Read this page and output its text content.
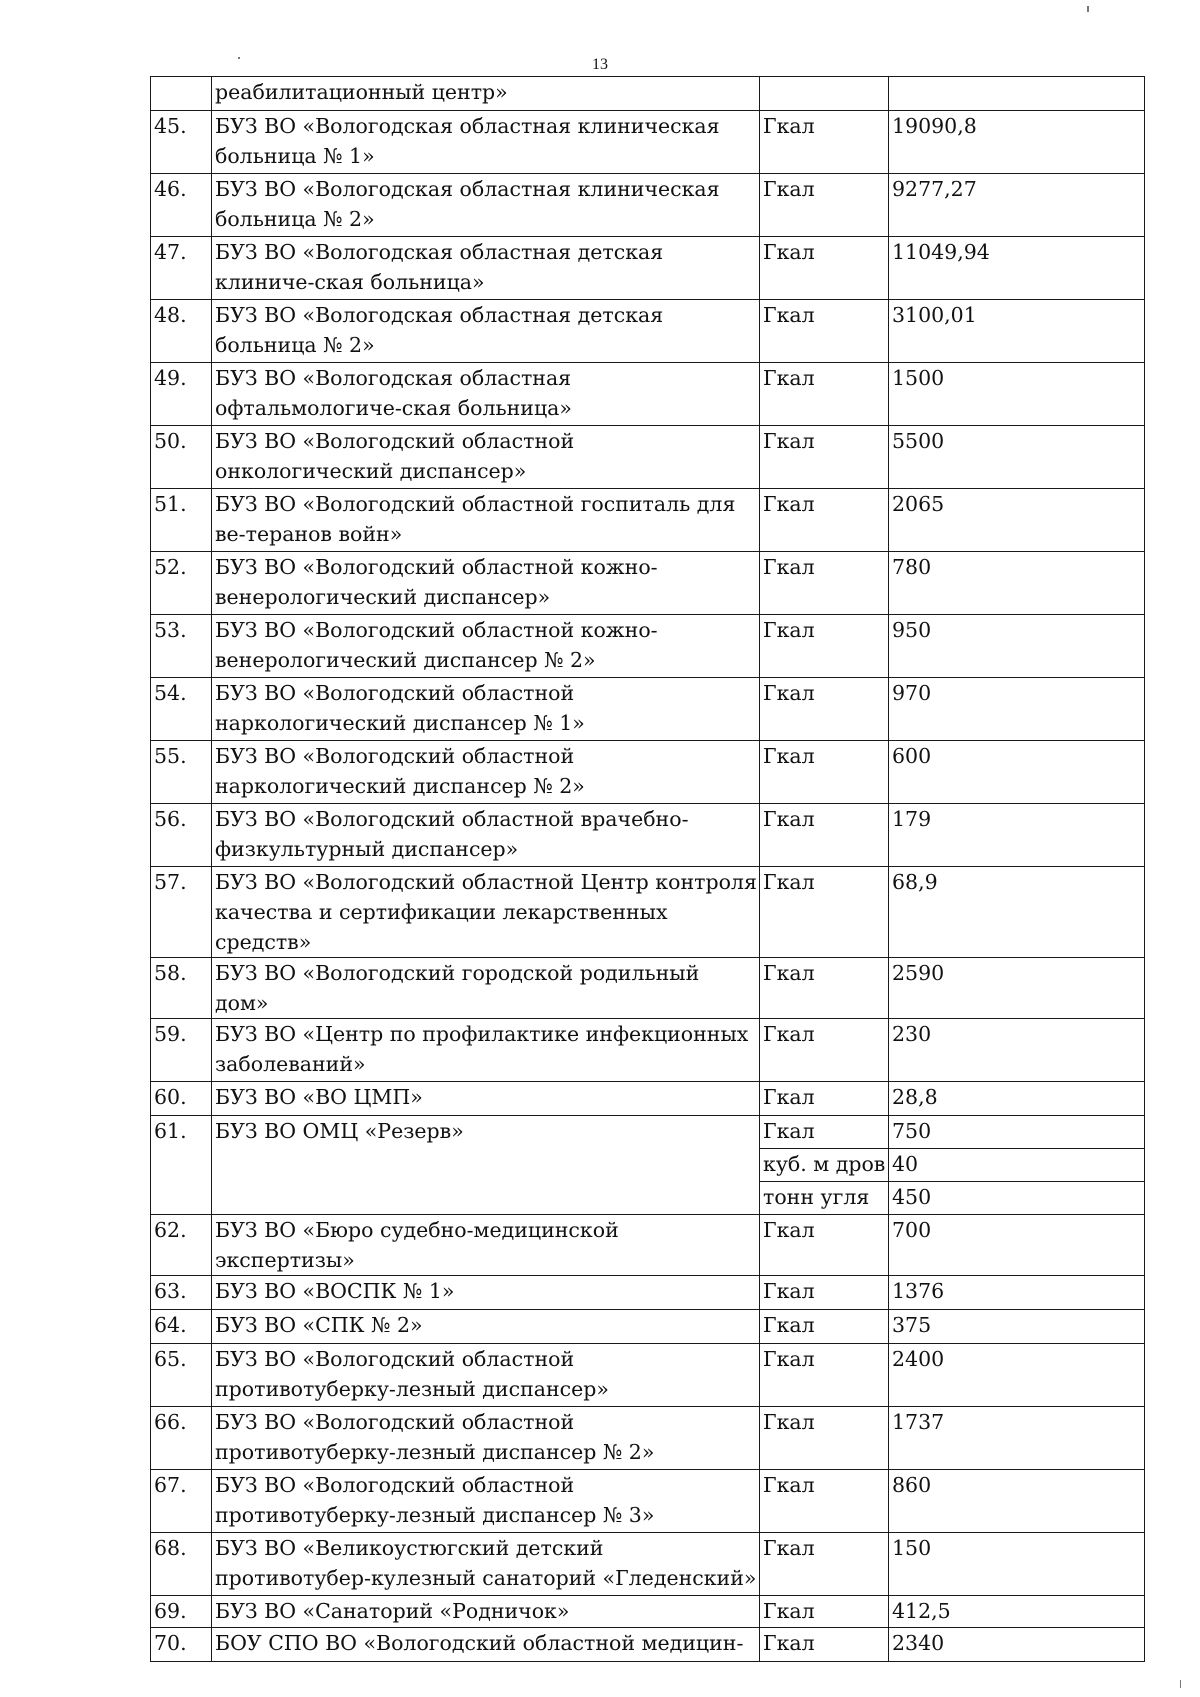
13
	реабилитационный центр»		
45.	БУЗ ВО «Вологодская областная клиническая больница № 1»	Гкал	19090,8
46.	БУЗ ВО «Вологодская областная клиническая больница № 2»	Гкал	9277,27
47.	БУЗ ВО «Вологодская областная детская клиниче-ская больница»	Гкал	11049,94
48.	БУЗ ВО «Вологодская областная детская больница № 2»	Гкал	3100,01
49.	БУЗ ВО «Вологодская областная офтальмологиче-ская больница»	Гкал	1500
50.	БУЗ ВО «Вологодский областной онкологический диспансер»	Гкал	5500
51.	БУЗ ВО «Вологодский областной госпиталь для ве-теранов войн»	Гкал	2065
52.	БУЗ ВО «Вологодский областной кожно-венерологический диспансер»	Гкал	780
53.	БУЗ ВО «Вологодский областной кожно-венерологический диспансер № 2»	Гкал	950
54.	БУЗ ВО «Вологодский областной наркологический диспансер № 1»	Гкал	970
55.	БУЗ ВО «Вологодский областной наркологический диспансер № 2»	Гкал	600
56.	БУЗ ВО «Вологодский областной врачебно-физкультурный диспансер»	Гкал	179
57.	БУЗ ВО «Вологодский областной Центр контроля качества и сертификации лекарственных средств»	Гкал	68,9
58.	БУЗ ВО «Вологодский городской родильный дом»	Гкал	2590
59.	БУЗ ВО «Центр по профилактике инфекционных заболеваний»	Гкал	230
60.	БУЗ ВО «ВО ЦМП»	Гкал	28,8
61.	БУЗ ВО ОМЦ «Резерв»	Гкал	750
		куб. м дров	40
		тонн угля	450
62.	БУЗ ВО «Бюро судебно-медицинской экспертизы»	Гкал	700
63.	БУЗ ВО «ВОСПК № 1»	Гкал	1376
64.	БУЗ ВО «СПК № 2»	Гкал	375
65.	БУЗ ВО «Вологодский областной противотуберку-лезный диспансер»	Гкал	2400
66.	БУЗ ВО «Вологодский областной противотуберку-лезный диспансер № 2»	Гкал	1737
67.	БУЗ ВО «Вологодский областной противотуберку-лезный диспансер № 3»	Гкал	860
68.	БУЗ ВО «Великоустюгский детский противотубер-кулезный санаторий «Гледенский»	Гкал	150
69.	БУЗ ВО «Санаторий «Родничок»	Гкал	412,5
70.	БОУ СПО ВО «Вологодский областной медицин-	Гкал	2340
